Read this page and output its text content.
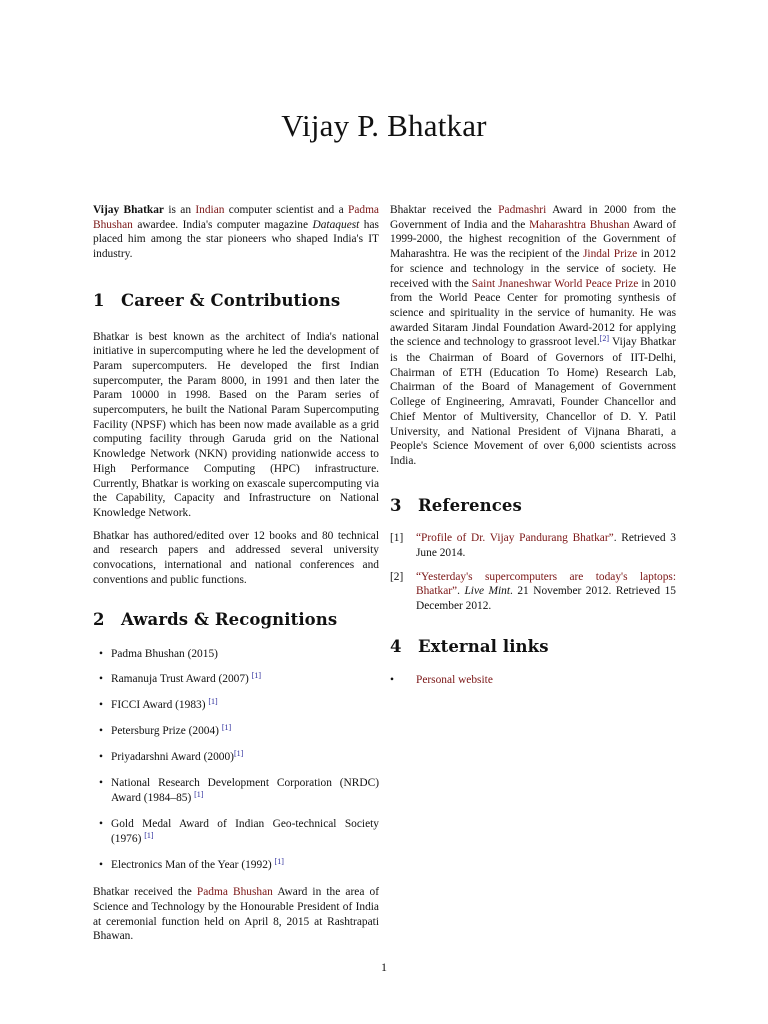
Vijay P. Bhatkar

Vijay Bhatkar is an Indian computer scientist and a Padma Bhushan awardee. India's computer magazine Dataquest has placed him among the star pioneers who shaped India's IT industry.

1 Career & Contributions

Bhatkar is best known as the architect of India's national initiative in supercomputing where he led the development of Param supercomputers. He developed the first Indian supercomputer, the Param 8000, in 1991 and then later the Param 10000 in 1998. Based on the Param series of supercomputers, he built the National Param Supercomputing Facility (NPSF) which has been now made available as a grid computing facility through Garuda grid on the National Knowledge Network (NKN) providing nationwide access to High Performance Computing (HPC) infrastructure. Currently, Bhatkar is working on exascale supercomputing via the Capability, Capacity and Infrastructure on National Knowledge Network.

Bhatkar has authored/edited over 12 books and 80 technical and research papers and addressed several university convocations, international and national conferences and conventions and public functions.

2 Awards & Recognitions
• Padma Bhushan (2015)
• Ramanuja Trust Award (2007) [1]
• FICCI Award (1983) [1]
• Petersburg Prize (2004) [1]
• Priyadarshni Award (2000)[1]
• National Research Development Corporation (NRDC) Award (1984–85) [1]
• Gold Medal Award of Indian Geo-technical Society (1976) [1]
• Electronics Man of the Year (1992) [1]

Bhatkar received the Padma Bhushan Award in the area of Science and Technology by the Honourable President of India at ceremonial function held on April 8, 2015 at Rashtrapati Bhawan.

Bhaktar received the Padmashri Award in 2000 from the Government of India and the Maharashtra Bhushan Award of 1999-2000, the highest recognition of the Government of Maharashtra. He was the recipient of the Jindal Prize in 2012 for science and technology in the service of society. He received with the Saint Jnaneshwar World Peace Prize in 2010 from the World Peace Center for promoting synthesis of science and spirituality in the service of humanity. He was awarded Sitaram Jindal Foundation Award-2012 for applying the science and technology to grassroot level.[2] Vijay Bhatkar is the Chairman of Board of Governors of IIT-Delhi, Chairman of ETH (Education To Home) Research Lab, Chairman of the Board of Management of Government College of Engineering, Amravati, Founder Chancellor and Chief Mentor of Multiversity, Chancellor of D. Y. Patil University, and National President of Vijnana Bharati, a People's Science Movement of over 6,000 scientists across India.

3 References
[1]	“Profile of Dr. Vijay Pandurang Bhatkar”. Retrieved 3 June 2014.
[2]	“Yesterday's supercomputers are today's laptops: Bhatkar”. Live Mint. 21 November 2012. Retrieved 15 December 2012.
4 External links
• Personal website
1
